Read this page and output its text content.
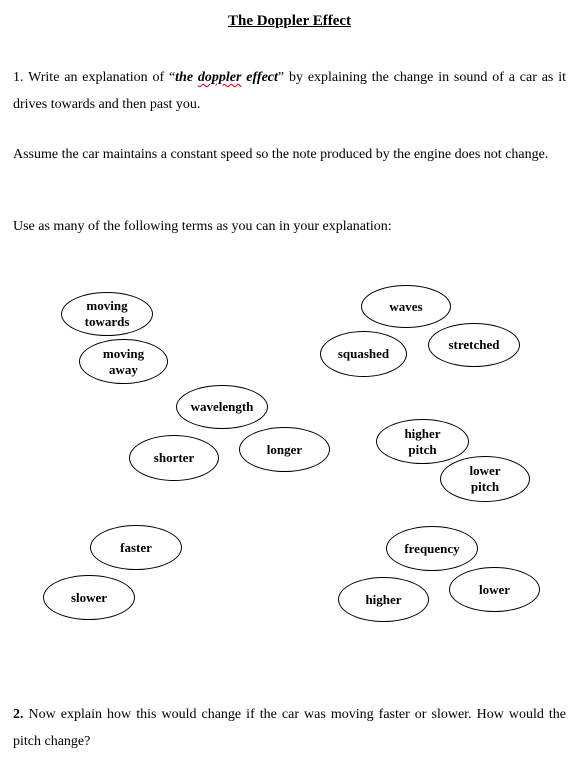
The Doppler Effect

1. Write an explanation of “the doppler effect” by explaining the change in sound of a car as it drives towards and then past you.

Assume the car maintains a constant speed so the note produced by the engine does not change.

Use as many of the following terms as you can in your explanation:

moving towards
moving away
waves
squashed
stretched
wavelength
shorter
longer
higher pitch
lower pitch
faster
slower
frequency
higher
lower

2. Now explain how this would change if the car was moving faster or slower. How would the pitch change?
